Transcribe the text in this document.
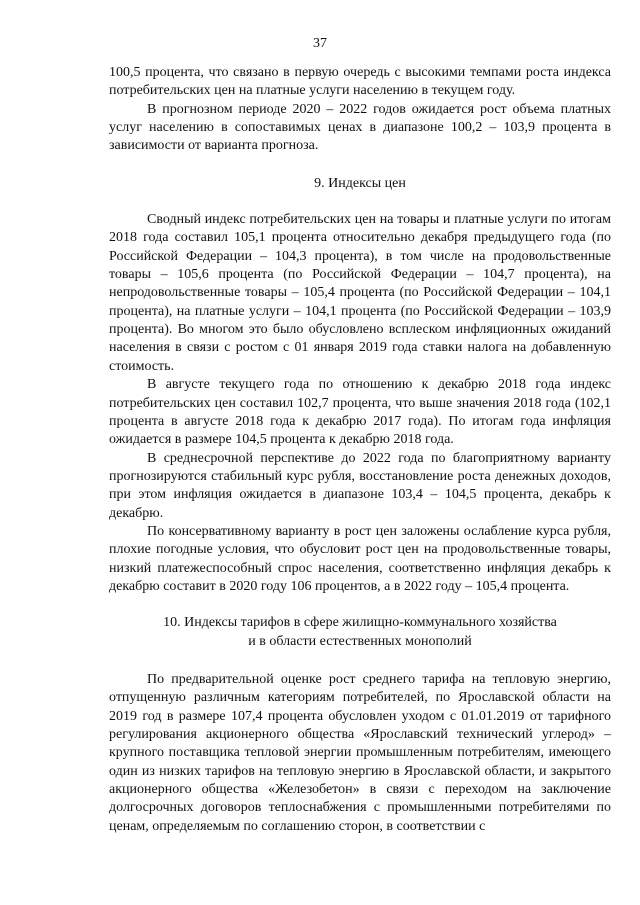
37

100,5 процента, что связано в первую очередь с высокими темпами роста индекса потребительских цен на платные услуги населению в текущем году.

В прогнозном периоде 2020 – 2022 годов ожидается рост объема платных услуг населению в сопоставимых ценах в диапазоне 100,2 – 103,9 процента в зависимости от варианта прогноза.

9. Индексы цен

Сводный индекс потребительских цен на товары и платные услуги по итогам 2018 года составил 105,1 процента относительно декабря предыдущего года (по Российской Федерации – 104,3 процента), в том числе на продовольственные товары – 105,6 процента (по Российской Федерации – 104,7 процента), на непродовольственные товары – 105,4 процента (по Российской Федерации – 104,1 процента), на платные услуги – 104,1 процента (по Российской Федерации – 103,9 процента). Во многом это было обусловлено всплеском инфляционных ожиданий населения в связи с ростом с 01 января 2019 года ставки налога на добавленную стоимость.

В августе текущего года по отношению к декабрю 2018 года индекс потребительских цен составил 102,7 процента, что выше значения 2018 года (102,1 процента в августе 2018 года к декабрю 2017 года). По итогам года инфляция ожидается в размере 104,5 процента к декабрю 2018 года.

В среднесрочной перспективе до 2022 года по благоприятному варианту прогнозируются стабильный курс рубля, восстановление роста денежных доходов, при этом инфляция ожидается в диапазоне 103,4 – 104,5 процента, декабрь к декабрю.

По консервативному варианту в рост цен заложены ослабление курса рубля, плохие погодные условия, что обусловит рост цен на продовольственные товары, низкий платежеспособный спрос населения, соответственно инфляция декабрь к декабрю составит в 2020 году 106 процентов, а в 2022 году – 105,4 процента.

10. Индексы тарифов в сфере жилищно-коммунального хозяйства
и в области естественных монополий

По предварительной оценке рост среднего тарифа на тепловую энергию, отпущенную различным категориям потребителей, по Ярославской области на 2019 год в размере 107,4 процента обусловлен уходом с 01.01.2019 от тарифного регулирования акционерного общества «Ярославский технический углерод» – крупного поставщика тепловой энергии промышленным потребителям, имеющего один из низких тарифов на тепловую энергию в Ярославской области, и закрытого акционерного общества «Железобетон» в связи с переходом на заключение долгосрочных договоров теплоснабжения с промышленными потребителями по ценам, определяемым по соглашению сторон, в соответствии с
